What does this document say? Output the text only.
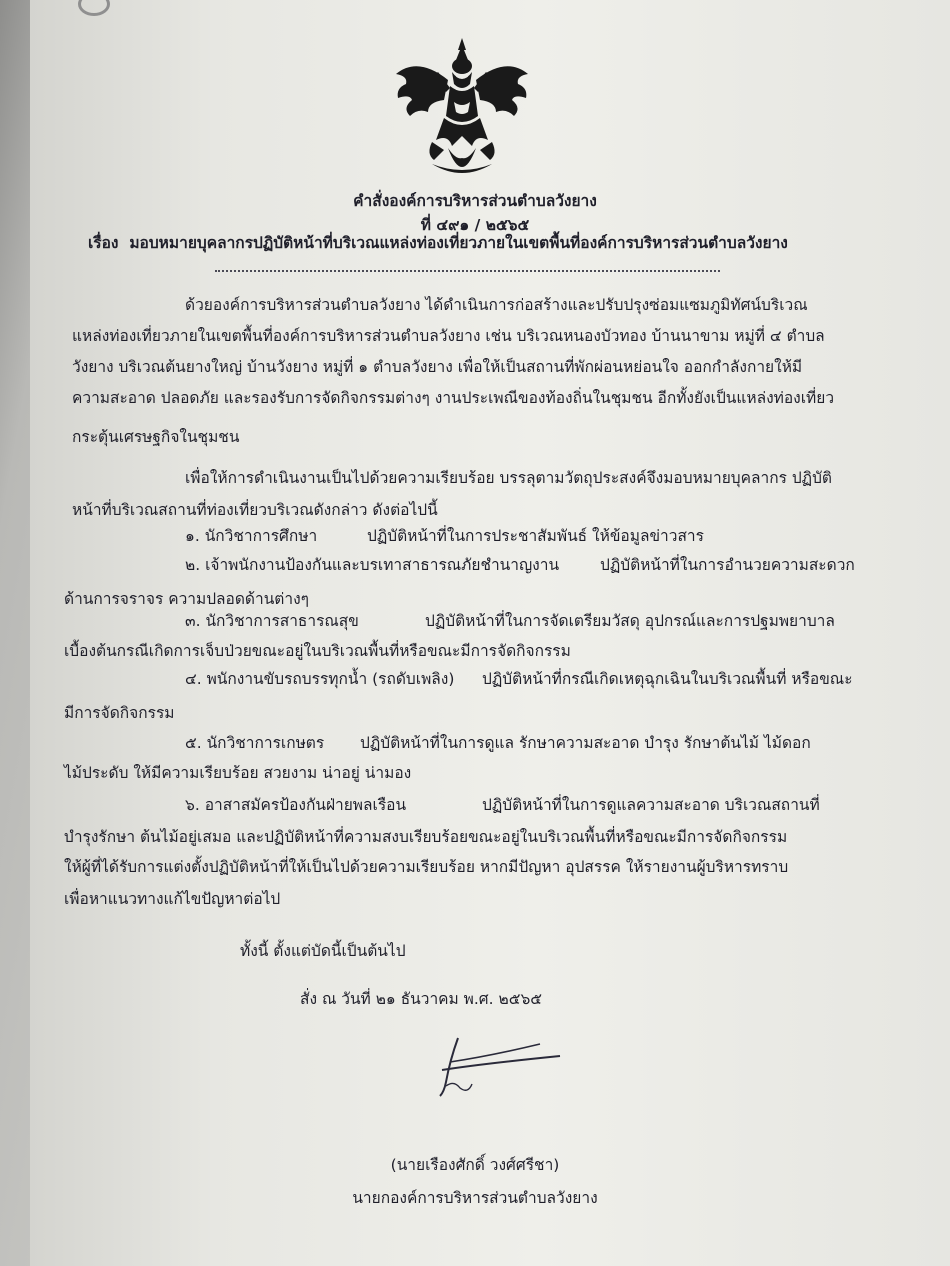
คำสั่งองค์การบริหารส่วนตำบลวังยาง
ที่ ๔๙๑ / ๒๕๖๕
เรื่อง มอบหมายบุคลากรปฏิบัติหน้าที่บริเวณแหล่งท่องเที่ยวภายในเขตพื้นที่องค์การบริหารส่วนตำบลวังยาง
ด้วยองค์การบริหารส่วนตำบลวังยาง ได้ดำเนินการก่อสร้างและปรับปรุงซ่อมแซมภูมิทัศน์บริเวณ
แหล่งท่องเที่ยวภายในเขตพื้นที่องค์การบริหารส่วนตำบลวังยาง เช่น บริเวณหนองบัวทอง บ้านนาขาม หมู่ที่ ๔ ตำบล
วังยาง บริเวณต้นยางใหญ่ บ้านวังยาง หมู่ที่ ๑ ตำบลวังยาง เพื่อให้เป็นสถานที่พักผ่อนหย่อนใจ ออกกำลังกายให้มี
ความสะอาด ปลอดภัย และรองรับการจัดกิจกรรมต่างๆ งานประเพณีของท้องถิ่นในชุมชน อีกทั้งยังเป็นแหล่งท่องเที่ยว
กระตุ้นเศรษฐกิจในชุมชน
เพื่อให้การดำเนินงานเป็นไปด้วยความเรียบร้อย บรรลุตามวัตถุประสงค์จึงมอบหมายบุคลากร ปฏิบัติ
หน้าที่บริเวณสถานที่ท่องเที่ยวบริเวณดังกล่าว ดังต่อไปนี้
๑. นักวิชาการศึกษา	ปฏิบัติหน้าที่ในการประชาสัมพันธ์ ให้ข้อมูลข่าวสาร
๒. เจ้าพนักงานป้องกันและบรเทาสาธารณภัยชำนาญงาน	ปฏิบัติหน้าที่ในการอำนวยความสะดวก
ด้านการจราจร ความปลอดด้านต่างๆ
๓. นักวิชาการสาธารณสุข	ปฏิบัติหน้าที่ในการจัดเตรียมวัสดุ อุปกรณ์และการปฐมพยาบาล
เบื้องต้นกรณีเกิดการเจ็บป่วยขณะอยู่ในบริเวณพื้นที่หรือขณะมีการจัดกิจกรรม
๔. พนักงานขับรถบรรทุกน้ำ (รถดับเพลิง) ปฏิบัติหน้าที่กรณีเกิดเหตุฉุกเฉินในบริเวณพื้นที่ หรือขณะ
มีการจัดกิจกรรม
๕. นักวิชาการเกษตร ปฏิบัติหน้าที่ในการดูแล รักษาความสะอาด บำรุง รักษาต้นไม้ ไม้ดอก
ไม้ประดับ ให้มีความเรียบร้อย สวยงาม น่าอยู่ น่ามอง
๖. อาสาสมัครป้องกันฝ่ายพลเรือน	ปฏิบัติหน้าที่ในการดูแลความสะอาด บริเวณสถานที่
บำรุงรักษา ต้นไม้อยู่เสมอ และปฏิบัติหน้าที่ความสงบเรียบร้อยขณะอยู่ในบริเวณพื้นที่หรือขณะมีการจัดกิจกรรม
ให้ผู้ที่ได้รับการแต่งตั้งปฏิบัติหน้าที่ให้เป็นไปด้วยความเรียบร้อย หากมีปัญหา อุปสรรค ให้รายงานผู้บริหารทราบ
เพื่อหาแนวทางแก้ไขปัญหาต่อไป
ทั้งนี้ ตั้งแต่บัดนี้เป็นต้นไป
สั่ง ณ วันที่ ๒๑ ธันวาคม พ.ศ. ๒๕๖๕
(นายเรืองศักดิ์ วงศ์ศรีชา)
นายกองค์การบริหารส่วนตำบลวังยาง
